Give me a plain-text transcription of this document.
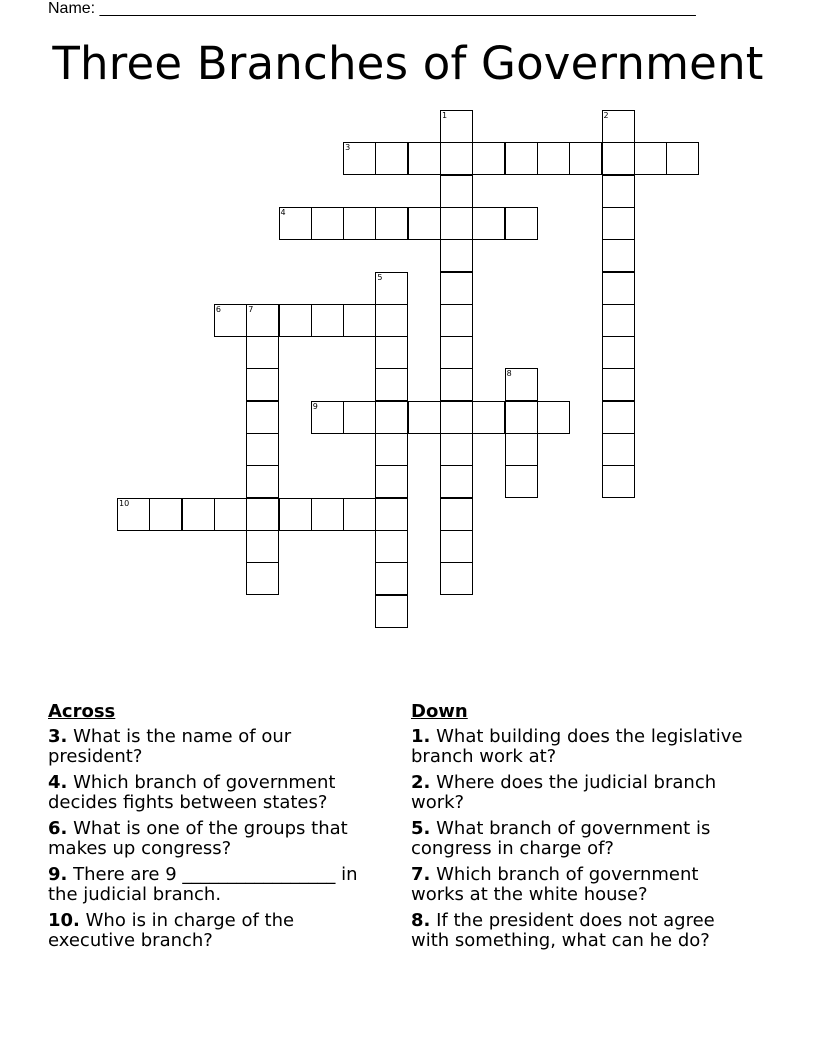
Name: ___________________________________________________________________
Three Branches of Government
1	2
3
4
5
6	7
8
9
10
Across
3. What is the name of our president?
4. Which branch of government decides fights between states?
6. What is one of the groups that makes up congress?
9. There are 9 _________________ in the judicial branch.
10. Who is in charge of the executive branch?
Down
1. What building does the legislative branch work at?
2. Where does the judicial branch work?
5. What branch of government is congress in charge of?
7. Which branch of government works at the white house?
8. If the president does not agree with something, what can he do?
